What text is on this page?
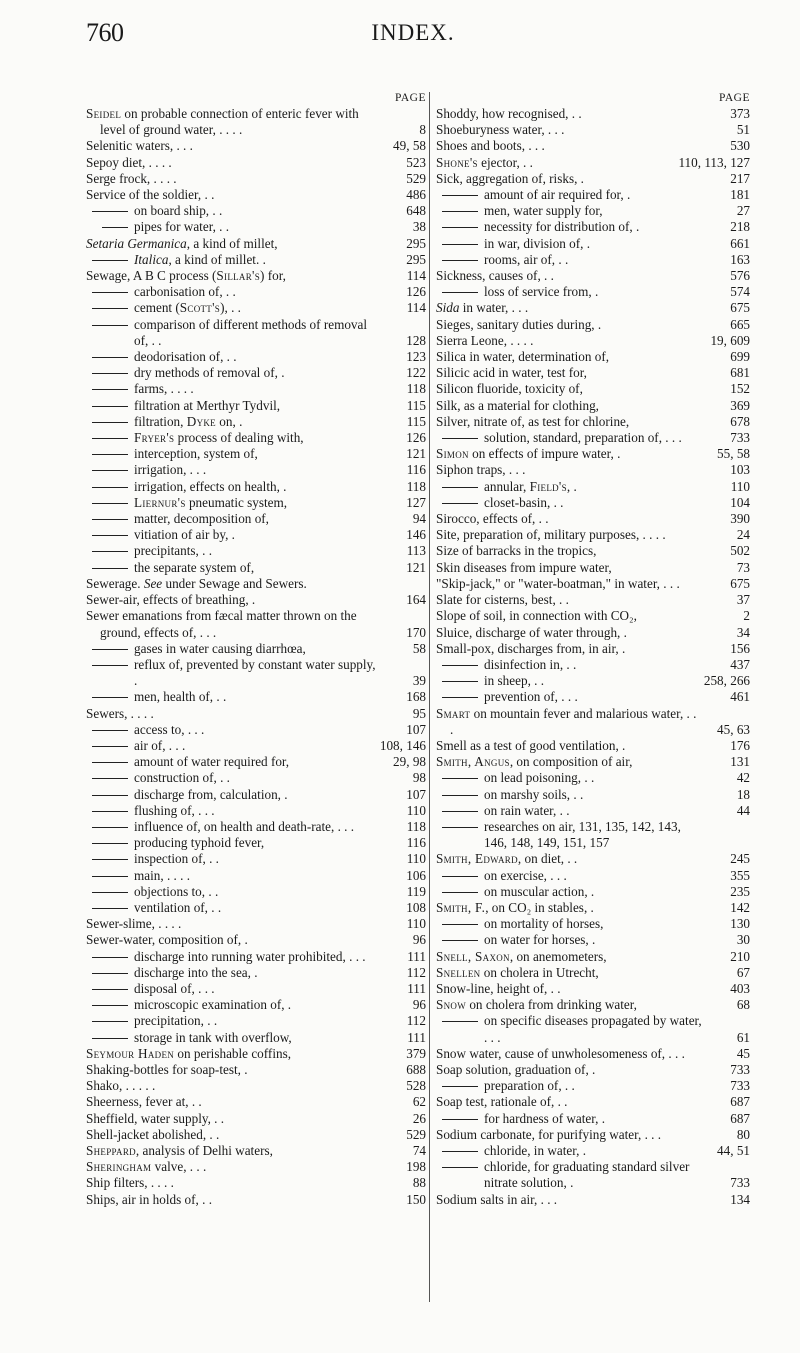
760	INDEX.
PAGE
Seidel on probable connection of enteric fever with level of ground water, . . . .	8
Selenitic waters, . . .	49, 58
Sepoy diet, . . . .	523
Serge frock, . . . .	529
Service of the soldier, . .	486
on board ship, . .	648
pipes for water, . .	38
Setaria Germanica, a kind of millet,	295
Italica, a kind of millet. .	295
Sewage, A B C process (Sillar's) for,	114
carbonisation of, . .	126
cement (Scott's), . .	114
comparison of different methods of removal of, . .	128
deodorisation of, . .	123
dry methods of removal of, .	122
farms, . . . .	118
filtration at Merthyr Tydvil,	115
filtration, Dyke on, .	115
Fryer's process of dealing with,	126
interception, system of,	121
irrigation, . . .	116
irrigation, effects on health, .	118
Liernur's pneumatic system,	127
matter, decomposition of,	94
vitiation of air by, .	146
precipitants, . .	113
the separate system of,	121
Sewerage. See under Sewage and Sewers.
Sewer-air, effects of breathing, .	164
Sewer emanations from fæcal matter thrown on the ground, effects of, . . .	170
gases in water causing diarrhœa,	58
reflux of, prevented by constant water supply, .	39
men, health of, . .	168
Sewers, . . . .	95
access to, . . .	107
air of, . . .	108, 146
amount of water required for,	29, 98
construction of, . .	98
discharge from, calculation, .	107
flushing of, . . .	110
influence of, on health and death-rate, . . .	118
producing typhoid fever,	116
inspection of, . .	110
main, . . . .	106
objections to, . .	119
ventilation of, . .	108
Sewer-slime, . . . .	110
Sewer-water, composition of, .	96
discharge into running water prohibited, . . .	111
discharge into the sea, .	112
disposal of, . . .	111
microscopic examination of, .	96
precipitation, . .	112
storage in tank with overflow,	111
Seymour Haden on perishable coffins,	379
Shaking-bottles for soap-test, .	688
Shako, . . . . .	528
Sheerness, fever at, . .	62
Sheffield, water supply, . .	26
Shell-jacket abolished, . .	529
Sheppard, analysis of Delhi waters,	74
Sheringham valve, . . .	198
Ship filters, . . . .	88
Ships, air in holds of, . .	150
PAGE
Shoddy, how recognised, . .	373
Shoeburyness water, . . .	51
Shoes and boots, . . .	530
Shone's ejector, . .	110, 113, 127
Sick, aggregation of, risks, .	217
amount of air required for, .	181
men, water supply for,	27
necessity for distribution of, .	218
in war, division of, .	661
rooms, air of, . .	163
Sickness, causes of, . .	576
loss of service from, .	574
Sida in water, . . .	675
Sieges, sanitary duties during, .	665
Sierra Leone, . . . .	19, 609
Silica in water, determination of,	699
Silicic acid in water, test for,	681
Silicon fluoride, toxicity of,	152
Silk, as a material for clothing,	369
Silver, nitrate of, as test for chlorine,	678
solution, standard, preparation of, . . .	733
Simon on effects of impure water, .	55, 58
Siphon traps, . . .	103
annular, Field's, .	110
closet-basin, . .	104
Sirocco, effects of, . .	390
Site, preparation of, military purposes, . . . .	24
Size of barracks in the tropics,	502
Skin diseases from impure water,	73
"Skip-jack," or "water-boatman," in water, . . .	675
Slate for cisterns, best, . .	37
Slope of soil, in connection with CO₂,	2
Sluice, discharge of water through, .	34
Small-pox, discharges from, in air, .	156
disinfection in, . .	437
in sheep, . .	258, 266
prevention of, . . .	461
Smart on mountain fever and malarious water, . . .	45, 63
Smell as a test of good ventilation, .	176
Smith, Angus, on composition of air,	131
on lead poisoning, . .	42
on marshy soils, . .	18
on rain water, . .	44
researches on air, 131, 135, 142, 143, 146, 148, 149, 151, 157
Smith, Edward, on diet, . .	245
on exercise, . . .	355
on muscular action, .	235
Smith, F., on CO₂ in stables, .	142
on mortality of horses,	130
on water for horses, .	30
Snell, Saxon, on anemometers,	210
Snellen on cholera in Utrecht,	67
Snow-line, height of, . .	403
Snow on cholera from drinking water,	68
on specific diseases propagated by water, . . .	61
Snow water, cause of unwholesomeness of, . . .	45
Soap solution, graduation of, .	733
preparation of, . .	733
Soap test, rationale of, . .	687
for hardness of water, .	687
Sodium carbonate, for purifying water, . . .	80
chloride, in water, .	44, 51
chloride, for graduating standard silver nitrate solution, .	733
Sodium salts in air, . . .	134
